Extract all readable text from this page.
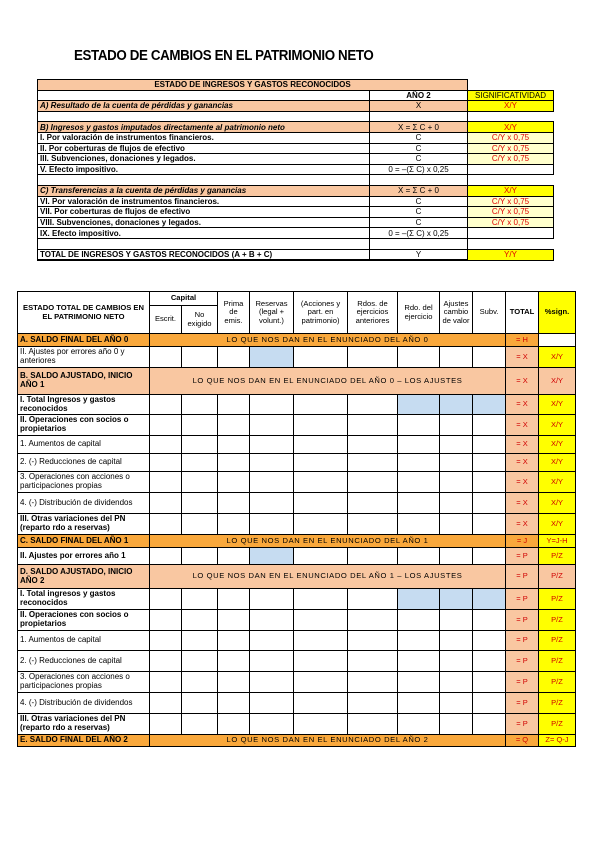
ESTADO DE CAMBIOS EN EL PATRIMONIO NETO
ESTADO DE INGRESOS Y GASTOS RECONOCIDOS		
	AÑO 2	SIGNIFICATIVIDAD
A) Resultado de la cuenta de pérdidas y ganancias	X	X/Y

B) Ingresos y gastos imputados directamente al patrimonio neto	X = Σ C + 0	X/Y
I. Por valoración de instrumentos financieros.	C	C/Y x 0,75
II. Por coberturas de flujos de efectivo	C	C/Y x 0,75
III. Subvenciones, donaciones y legados.	C	C/Y x 0,75
V. Efecto impositivo.	0 = –(Σ C) x 0,25	

C) Transferencias a la cuenta de pérdidas y ganancias	X = Σ C + 0	X/Y
VI. Por valoración de instrumentos financieros.	C	C/Y x 0,75
VII. Por coberturas de flujos de efectivo	C	C/Y x 0,75
VIII. Subvenciones, donaciones y legados.	C	C/Y x 0,75
IX. Efecto impositivo.	0 = –(Σ C) x 0,25	

TOTAL DE INGRESOS Y GASTOS RECONOCIDOS (A + B + C)	Y	Y/Y
ESTADO TOTAL DE CAMBIOS EN EL PATRIMONIO NETO	Capital		Prima de emis.	Reservas (legal + volunt.)	(Acciones y part. en patrimonio)	Rdos. de ejercicios anteriores	Rdo. del ejercicio	Ajustes cambio de valor	Subv.	TOTAL	%sign.
	Escrit.	No exigido									
A. SALDO FINAL DEL AÑO 0	LO QUE NOS DAN EN EL ENUNCIADO DEL AÑO 0									= H	
II. Ajustes por errores año 0 y anteriores										= X	X/Y
B. SALDO AJUSTADO, INICIO AÑO 1	LO QUE NOS DAN EN EL ENUNCIADO DEL AÑO 0 – LOS AJUSTES									= X	X/Y
I. Total Ingresos y gastos reconocidos										= X	X/Y
II. Operaciones con socios o propietarios										= X	X/Y
1. Aumentos de capital										= X	X/Y
2. (-) Reducciones de capital										= X	X/Y
3. Operaciones con acciones o participaciones propias										= X	X/Y
4. (-) Distribución de dividendos										= X	X/Y
III. Otras variaciones del PN (reparto rdo a reservas)										= X	X/Y
C. SALDO FINAL DEL AÑO 1	LO QUE NOS DAN EN EL ENUNCIADO DEL AÑO 1									= J	Y=J-H
II. Ajustes por errores año 1										= P	P/Z
D. SALDO AJUSTADO, INICIO AÑO 2	LO QUE NOS DAN EN EL ENUNCIADO DEL AÑO 1 – LOS AJUSTES									= P	P/Z
I. Total ingresos y gastos reconocidos										= P	P/Z
II. Operaciones con socios o propietarios										= P	P/Z
1. Aumentos de capital										= P	P/Z
2. (-) Reducciones de capital										= P	P/Z
3. Operaciones con acciones o participaciones propias										= P	P/Z
4. (-) Distribución de dividendos										= P	P/Z
III. Otras variaciones del PN (reparto rdo a reservas)										= P	P/Z
E. SALDO FINAL DEL AÑO 2	LO QUE NOS DAN EN EL ENUNCIADO DEL AÑO 2									= Q	Z= Q-J
